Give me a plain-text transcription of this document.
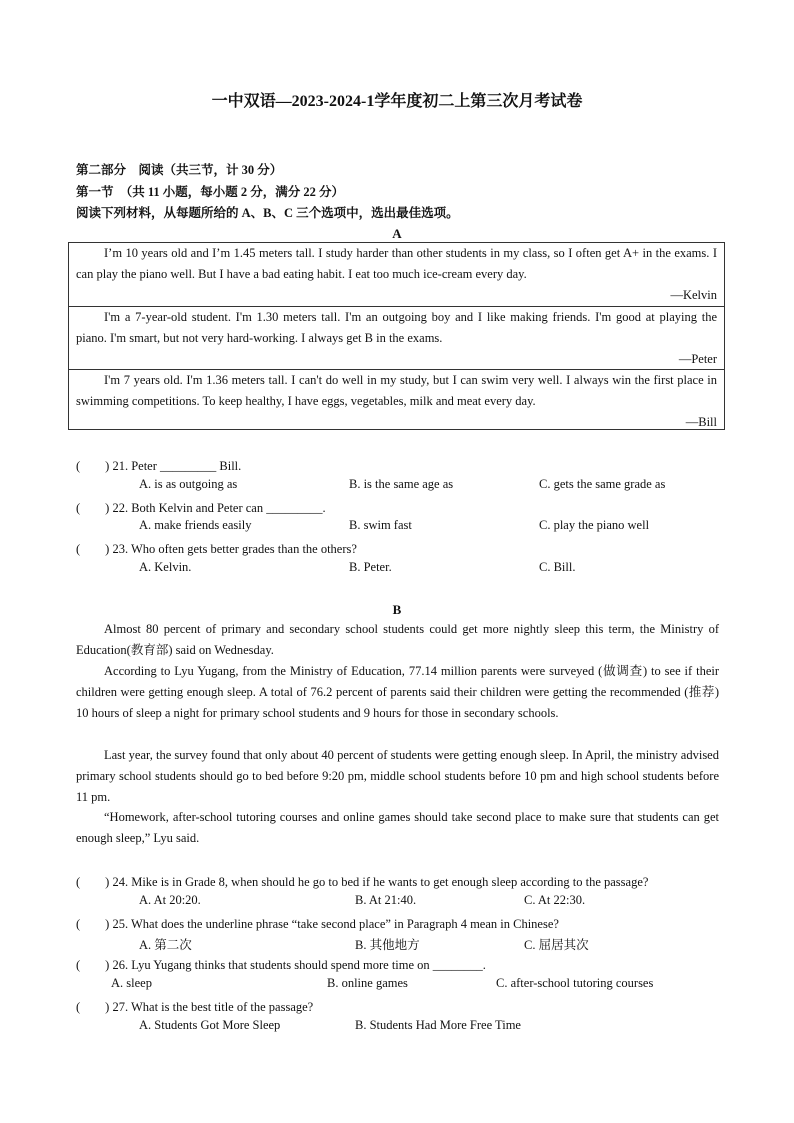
一中双语—2023-2024-1学年度初二上第三次月考试卷
第二部分　阅读（共三节，计 30 分）
第一节　（共 11 小题，每小题 2 分，满分 22 分）
阅读下列材料，从每题所给的 A、B、C 三个选项中，选出最佳选项。
A

I’m 10 years old and I’m 1.45 meters tall. I study harder than other students in my class, so I often get A+ in the exams. I can play the piano well. But I have a bad eating habit. I eat too much ice-cream every day.

—Kelvin

I'm a 7-year-old student. I'm 1.30 meters tall. I'm an outgoing boy and I like making friends. I'm good at playing the piano. I'm smart, but not very hard-working. I always get B in the exams.

—Peter

I'm 7 years old. I'm 1.36 meters tall. I can't do well in my study, but I can swim very well. I always win the first place in swimming competitions. To keep healthy, I have eggs, vegetables, milk and meat every day.

—Bill
(　　) 21. Peter _________ Bill.
A. is as outgoing as	B. is the same age as	C. gets the same grade as
(　　) 22. Both Kelvin and Peter can _________.
A. make friends easily	B. swim fast	C. play the piano well
(　　) 23. Who often gets better grades than the others?
A. Kelvin.	B. Peter.	C. Bill.
B

Almost 80 percent of primary and secondary school students could get more nightly sleep this term, the Ministry of Education(教育部) said on Wednesday.

According to Lyu Yugang, from the Ministry of Education, 77.14 million parents were surveyed (做调查) to see if their children were getting enough sleep. A total of 76.2 percent of parents said their children were getting the recommended (推荐) 10 hours of sleep a night for primary school students and 9 hours for those in secondary schools.

Last year, the survey found that only about 40 percent of students were getting enough sleep. In April, the ministry advised primary school students should go to bed before 9:20 pm, middle school students before 10 pm and high school students before 11 pm.

“Homework, after-school tutoring courses and online games should take second place to make sure that students can get enough sleep,” Lyu said.

(　　) 24. Mike is in Grade 8, when should he go to bed if he wants to get enough sleep according to the passage?
A. At 20:20.	B. At 21:40.	C. At 22:30.
(　　) 25. What does the underline phrase “take second place” in Paragraph 4 mean in Chinese?
A. 第二次	B. 其他地方	C. 屈居其次
(　　) 26. Lyu Yugang thinks that students should spend more time on ________.
A. sleep	B. online games	C. after-school tutoring courses
(　　) 27. What is the best title of the passage?
A. Students Got More Sleep	B. Students Had More Free Time
